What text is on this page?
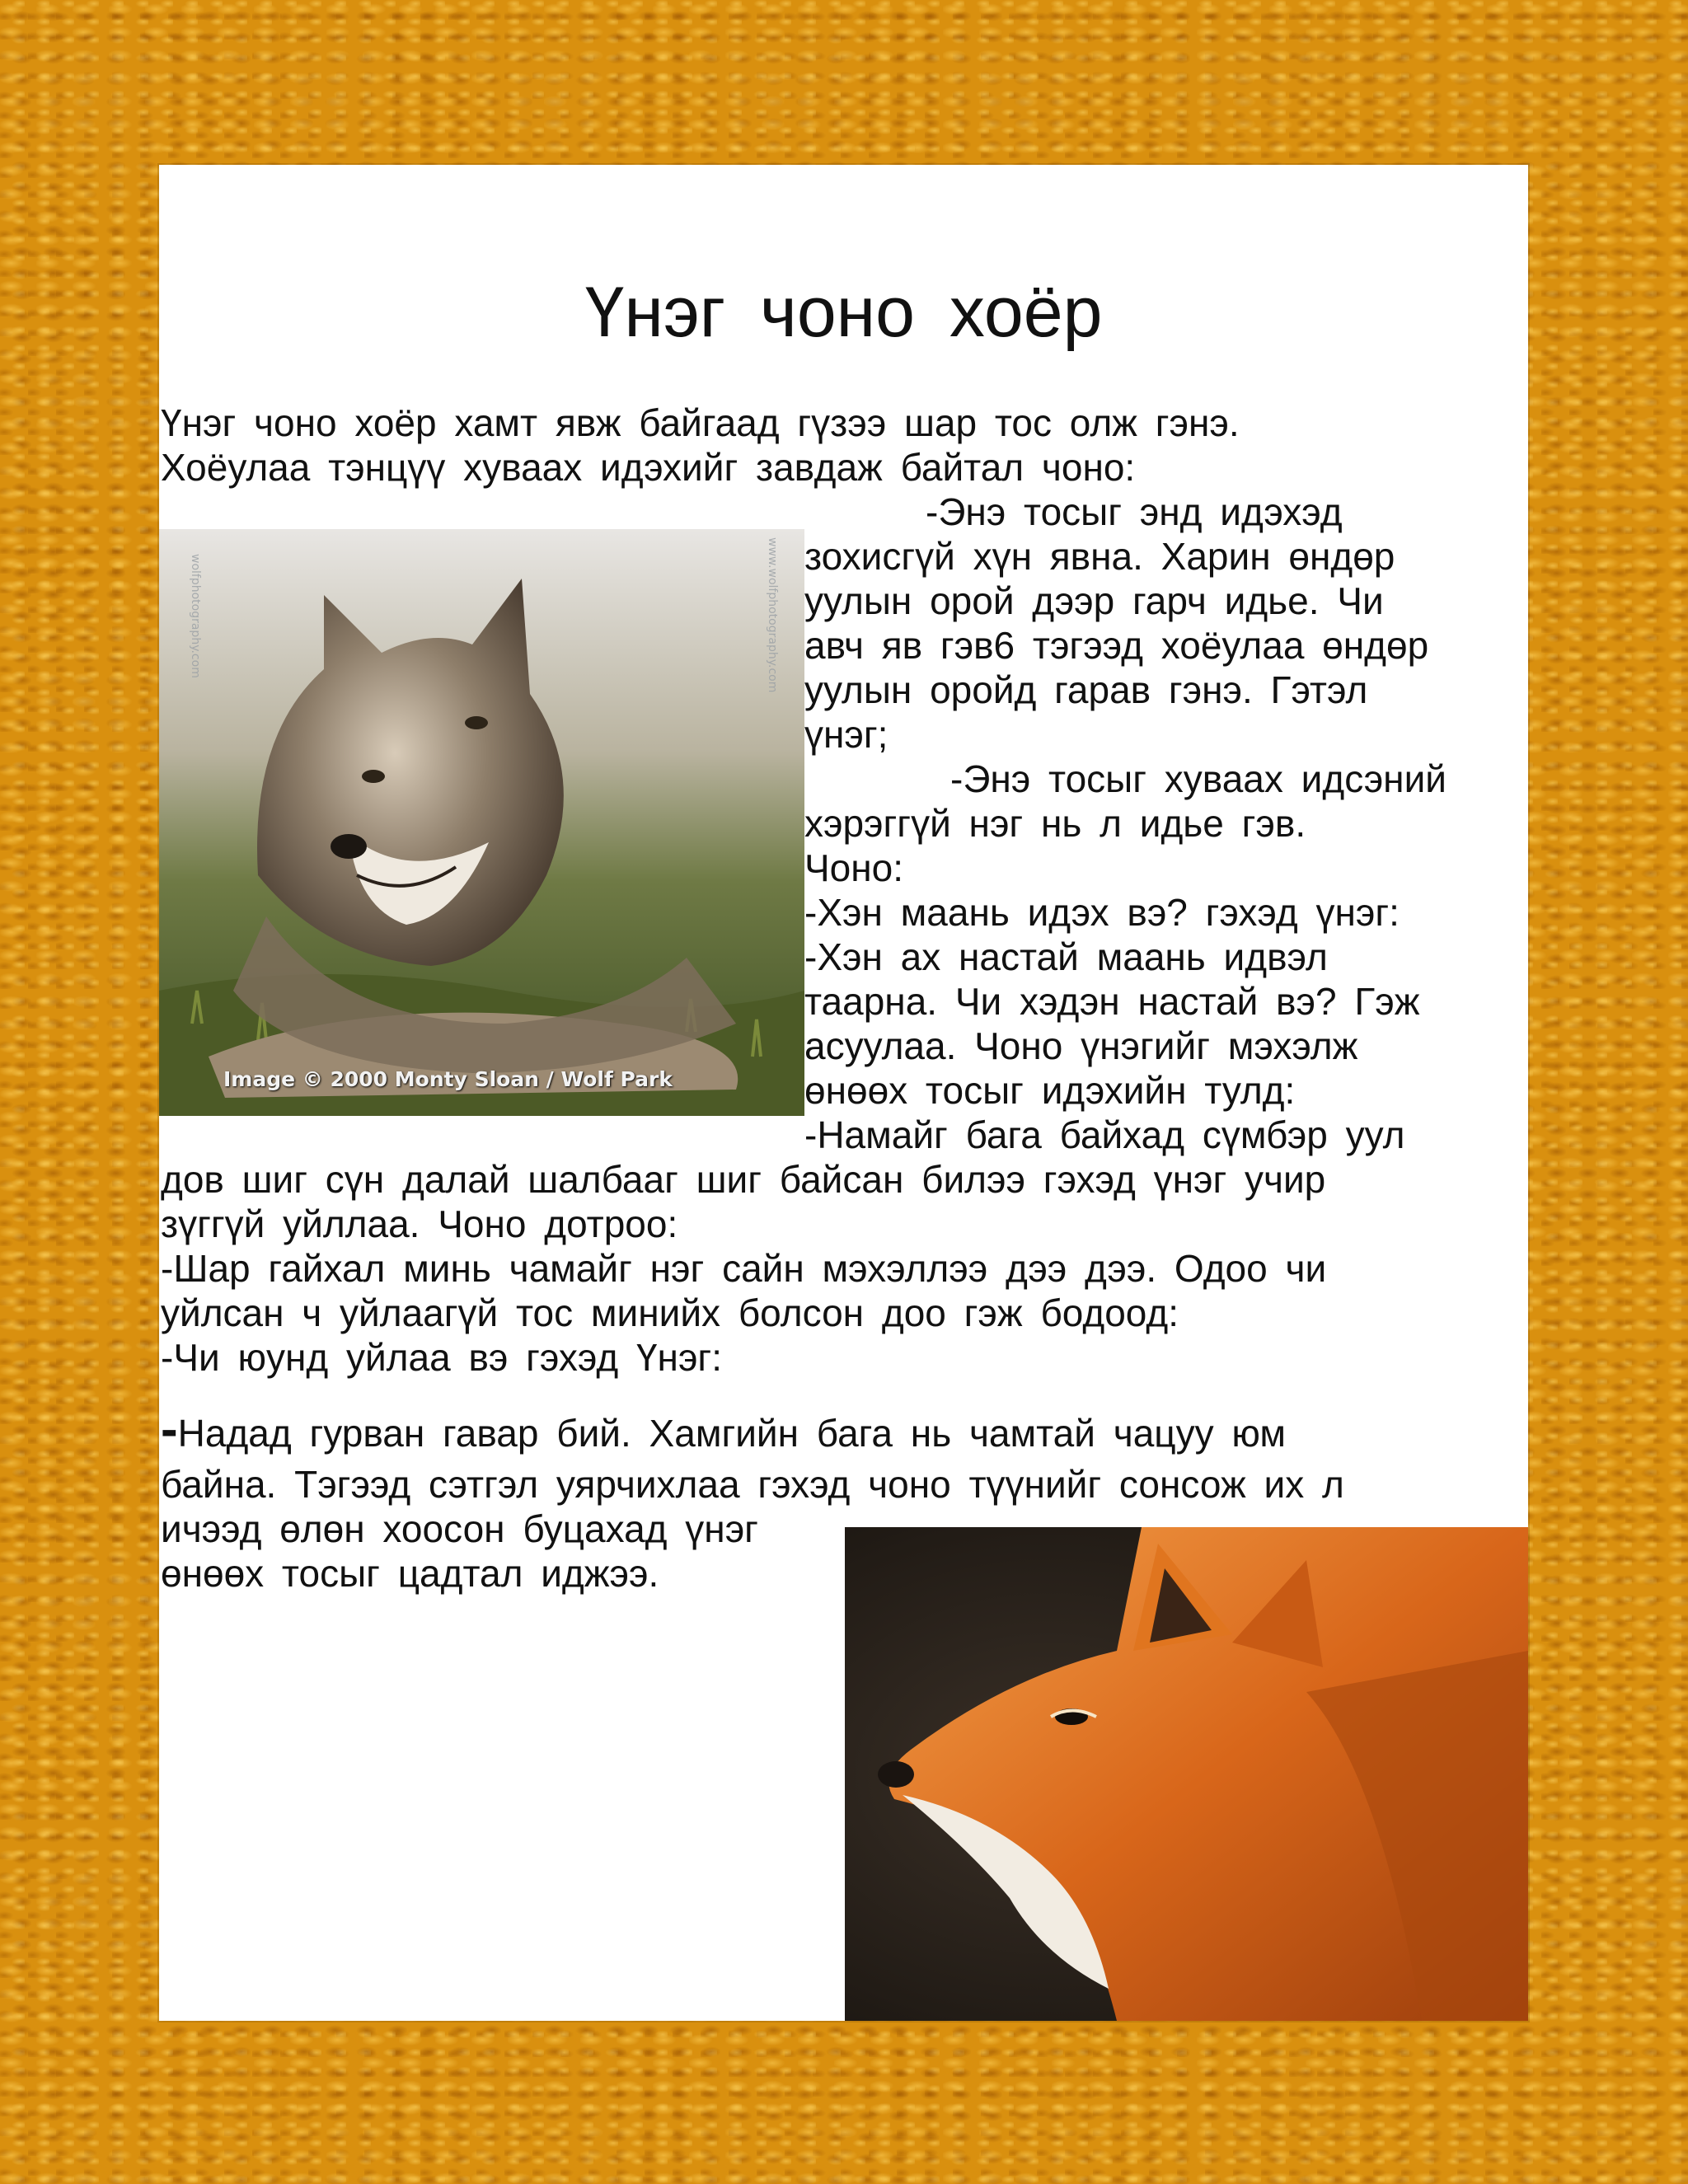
Үнэг чоно хоёр

Үнэг чоно хоёр хамт явж байгаад гүзээ шар тос олж гэнэ.

Хоёулаа тэнцүү хуваах идэхийг завдаж байтал чоно:

-Энэ тосыг энд идэхэд

wolfphotography.com	www.wolfphotography.com
Image © 2000 Monty Sloan / Wolf Park

зохисгүй хүн явна. Харин өндөр

уулын орой дээр гарч идье. Чи

авч яв гэв6 тэгээд хоёулаа өндөр

уулын оройд гарав гэнэ. Гэтэл

үнэг;

-Энэ тосыг хуваах идсэний

хэрэггүй нэг нь л идье гэв.

Чоно:

-Хэн маань идэх вэ? гэхэд үнэг:

-Хэн ах настай маань идвэл

таарна. Чи хэдэн настай вэ? Гэж

асуулаа. Чоно үнэгийг мэхэлж

өнөөх тосыг идэхийн тулд:

-Намайг бага байхад сүмбэр уул

дов шиг сүн далай шалбааг шиг байсан билээ гэхэд үнэг учир

зүггүй уйллаа. Чоно дотроо:

-Шар гайхал минь чамайг нэг сайн мэхэллээ дээ дээ. Одоо чи

уйлсан ч уйлаагүй тос минийх болсон доо гэж бодоод:

-Чи юунд уйлаа вэ гэхэд Үнэг:

-Надад гурван гавар бий. Хамгийн бага нь чамтай чацуу юм

байна. Тэгээд сэтгэл уярчихлаа гэхэд чоно түүнийг сонсож их л

ичээд өлөн хоосон буцахад үнэг

өнөөх тосыг цадтал иджээ.
